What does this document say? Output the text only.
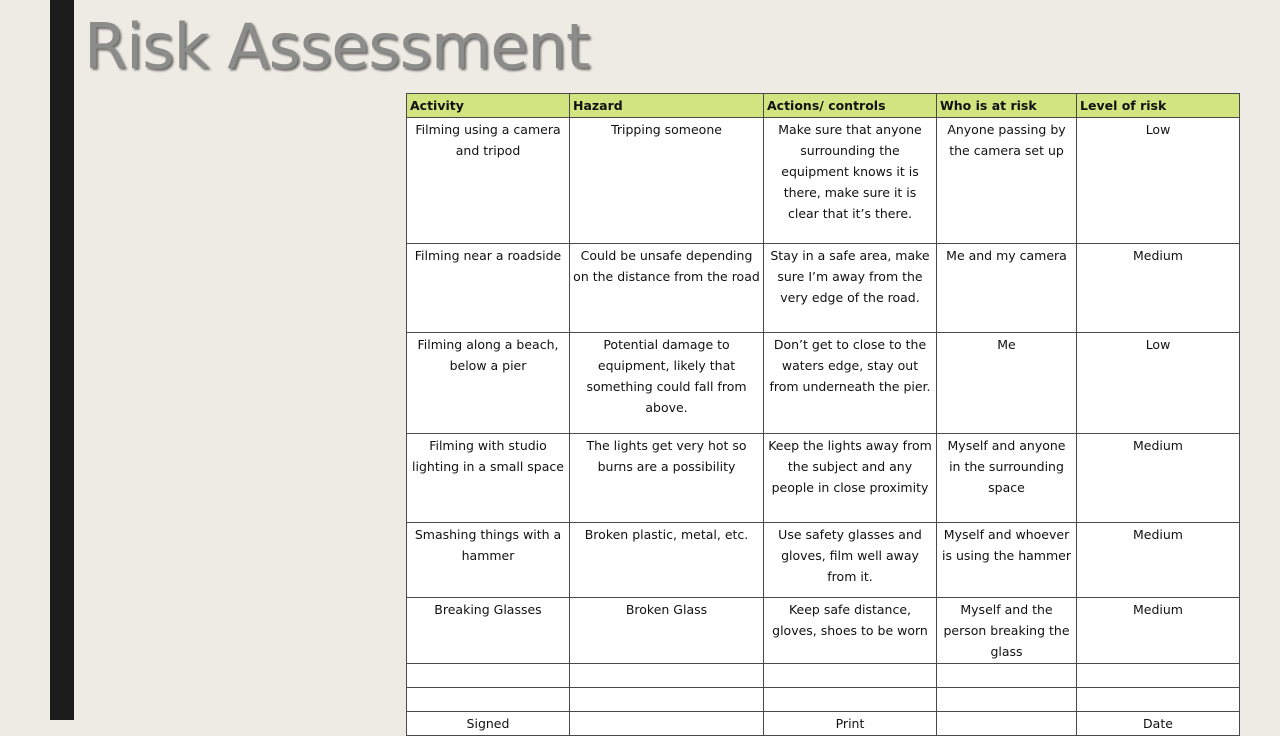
Risk Assessment
Activity	Hazard	Actions/ controls	Who is at risk	Level of risk
Filming using a camera and tripod	Tripping someone	Make sure that anyone surrounding the equipment knows it is there, make sure it is clear that it’s there.	Anyone passing by the camera set up	Low
Filming near a roadside	Could be unsafe depending on the distance from the road	Stay in a safe area, make sure I’m away from the very edge of the road.	Me and my camera	Medium
Filming along a beach, below a pier	Potential damage to equipment, likely that something could fall from above.	Don’t get to close to the waters edge, stay out from underneath the pier.	Me	Low
Filming with studio lighting in a small space	The lights get very hot so burns are a possibility	Keep the lights away from the subject and any people in close proximity	Myself and anyone in the surrounding space	Medium
Smashing things with a hammer	Broken plastic, metal, etc.	Use safety glasses and gloves, film well away from it.	Myself and whoever is using the hammer	Medium
Breaking Glasses	Broken Glass	Keep safe distance, gloves, shoes to be worn	Myself and the person breaking the glass	Medium

Signed		Print		Date
